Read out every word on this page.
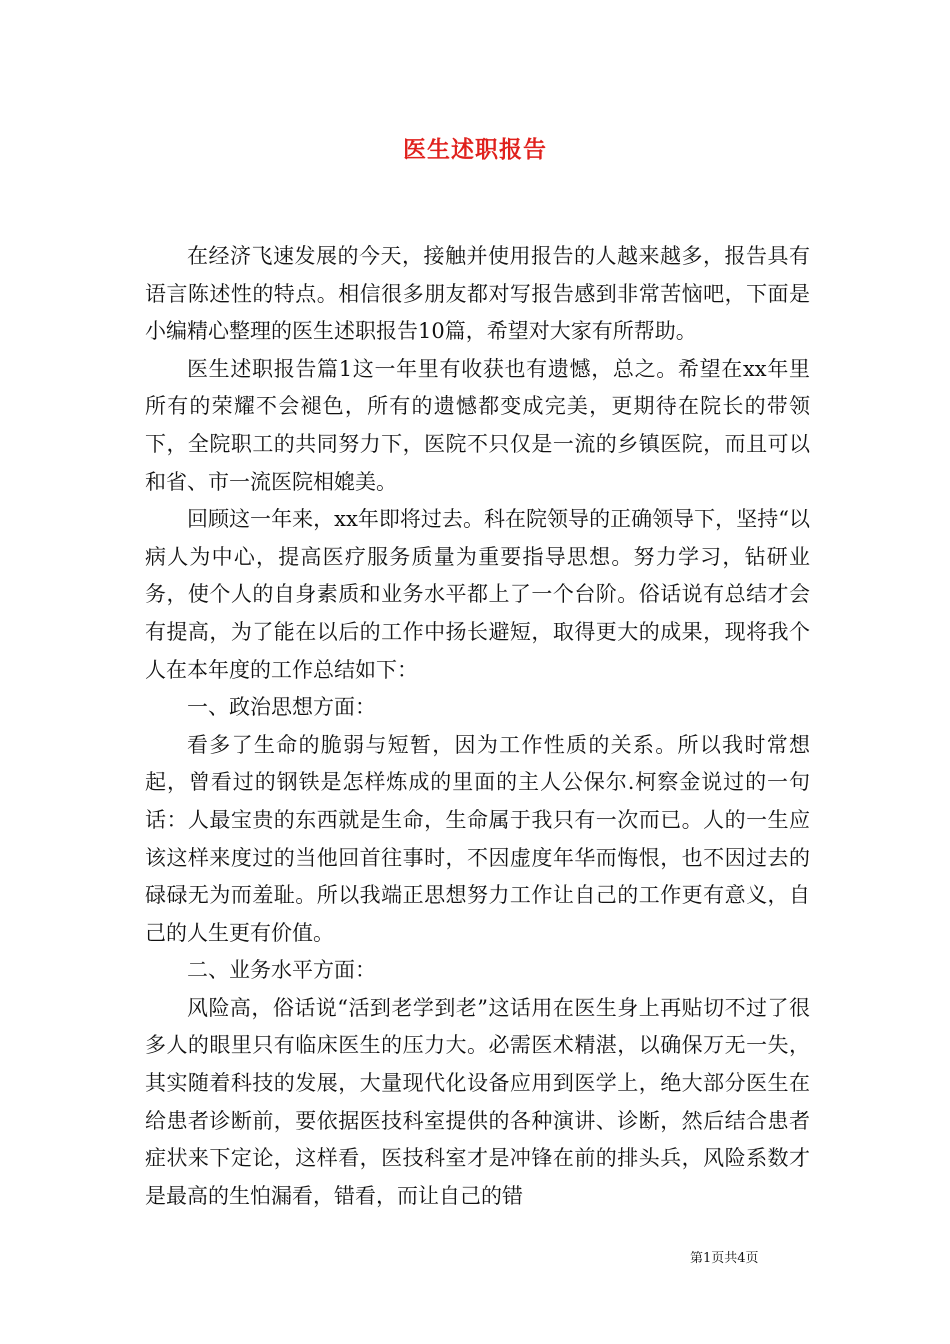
医生述职报告

在经济飞速发展的今天，接触并使用报告的人越来越多，报告具有语言陈述性的特点。相信很多朋友都对写报告感到非常苦恼吧，下面是小编精心整理的医生述职报告10篇，希望对大家有所帮助。

医生述职报告篇1这一年里有收获也有遗憾，总之。希望在xx年里所有的荣耀不会褪色，所有的遗憾都变成完美，更期待在院长的带领下，全院职工的共同努力下，医院不只仅是一流的乡镇医院，而且可以和省、市一流医院相媲美。

回顾这一年来，xx年即将过去。科在院领导的正确领导下，坚持“以病人为中心，提高医疗服务质量为重要指导思想。努力学习，钻研业务，使个人的自身素质和业务水平都上了一个台阶。俗话说有总结才会有提高，为了能在以后的工作中扬长避短，取得更大的成果，现将我个人在本年度的工作总结如下：

一、政治思想方面：

看多了生命的脆弱与短暂，因为工作性质的关系。所以我时常想起，曾看过的钢铁是怎样炼成的里面的主人公保尔.柯察金说过的一句话：人最宝贵的东西就是生命，生命属于我只有一次而已。人的一生应该这样来度过的当他回首往事时，不因虚度年华而悔恨，也不因过去的碌碌无为而羞耻。所以我端正思想努力工作让自己的工作更有意义，自己的人生更有价值。

二、业务水平方面：

风险高，俗话说“活到老学到老”这话用在医生身上再贴切不过了很多人的眼里只有临床医生的压力大。必需医术精湛，以确保万无一失，其实随着科技的发展，大量现代化设备应用到医学上，绝大部分医生在给患者诊断前，要依据医技科室提供的各种演讲、诊断，然后结合患者症状来下定论，这样看，医技科室才是冲锋在前的排头兵，风险系数才是最高的生怕漏看，错看，而让自己的错

第1页共4页
